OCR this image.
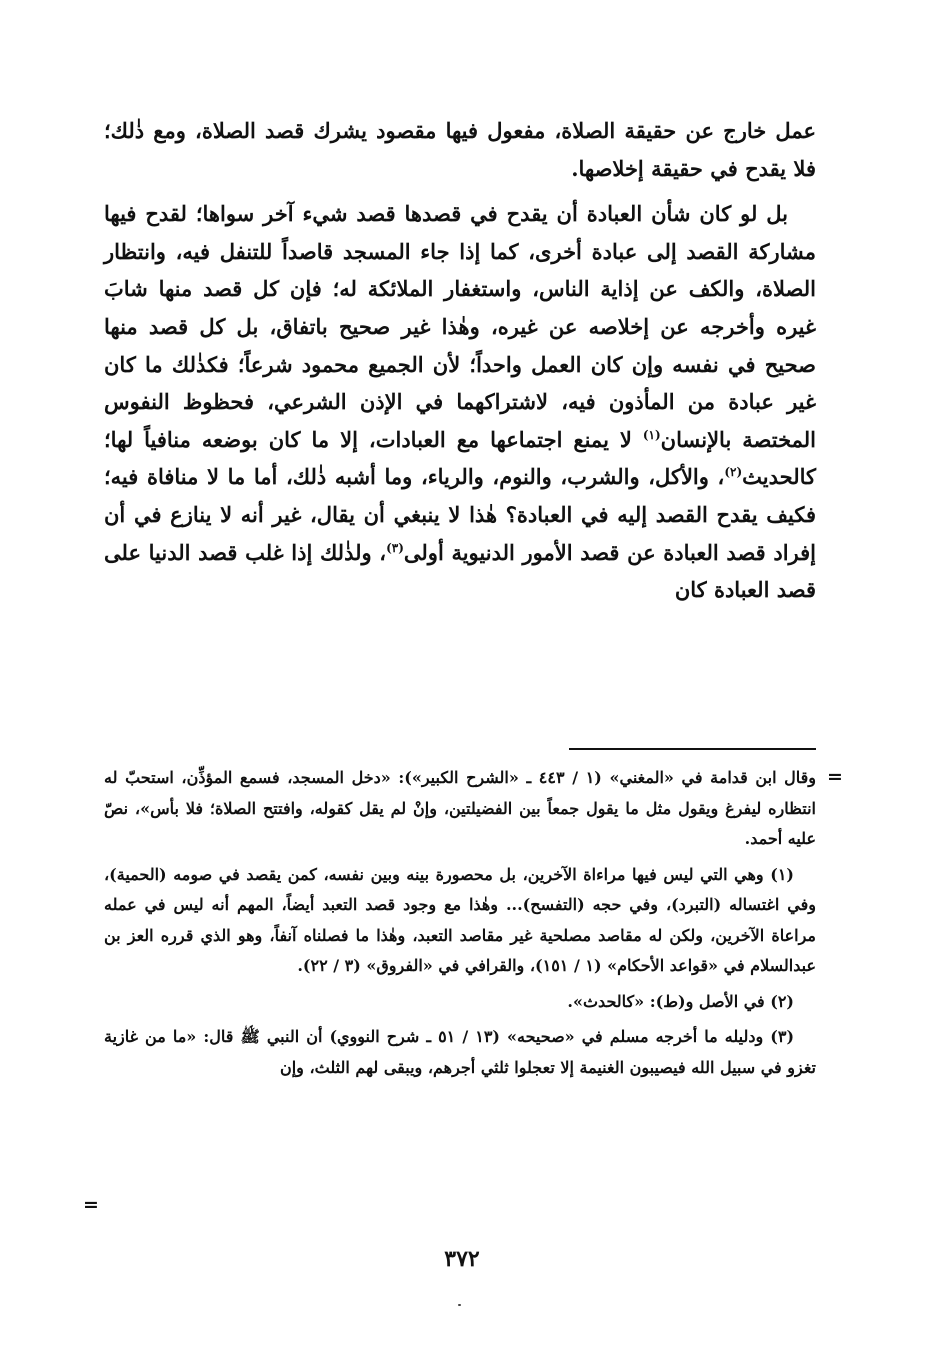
عمل خارج عن حقيقة الصلاة، مفعول فيها مقصود يشرك قصد الصلاة، ومع ذٰلك؛ فلا يقدح في حقيقة إخلاصها.

بل لو كان شأن العبادة أن يقدح في قصدها قصد شيء آخر سواها؛ لقدح فيها مشاركة القصد إلى عبادة أخرى، كما إذا جاء المسجد قاصداً للتنفل فيه، وانتظار الصلاة، والكف عن إذاية الناس، واستغفار الملائكة له؛ فإن كل قصد منها شابَ غيره وأخرجه عن إخلاصه عن غيره، وهٰذا غير صحيح باتفاق، بل كل قصد منها صحيح في نفسه وإن كان العمل واحداً؛ لأن الجميع محمود شرعاً؛ فكذٰلك ما كان غير عبادة من المأذون فيه، لاشتراكهما في الإذن الشرعي، فحظوظ النفوس المختصة بالإنسان$^{(١)}$ لا يمنع اجتماعها مع العبادات، إلا ما كان بوضعه منافياً لها؛ كالحديث$^{(٢)}$، والأكل، والشرب، والنوم، والرياء، وما أشبه ذٰلك، أما ما لا منافاة فيه؛ فكيف يقدح القصد إليه في العبادة؟ هٰذا لا ينبغي أن يقال، غير أنه لا ينازع في أن إفراد قصد العبادة عن قصد الأمور الدنيوية أولى$^{(٣)}$، ولذٰلك إذا غلب قصد الدنيا على قصد العبادة كان

=

وقال ابن قدامة في «المغني» (١ / ٤٤٣ ـ «الشرح الكبير»): «دخل المسجد، فسمع المؤذِّن، استحبّ له انتظاره ليفرغ ويقول مثل ما يقول جمعاً بين الفضيلتين، وإنْ لم يقل كقوله، وافتتح الصلاة؛ فلا بأس»، نصّ عليه أحمد.

(١) وهي التي ليس فيها مراءاة الآخرين، بل محصورة بينه وبين نفسه، كمن يقصد في صومه (الحمية)، وفي اغتساله (التبرد)، وفي حجه (التفسح)... وهٰذا مع وجود قصد التعبد أيضاً، المهم أنه ليس في عمله مراعاة الآخرين، ولكن له مقاصد مصلحية غير مقاصد التعبد، وهٰذا ما فصلناه آنفاً، وهو الذي قرره العز بن عبدالسلام في «قواعد الأحكام» (١ / ١٥١)، والقرافي في «الفروق» (٣ / ٢٢).

(٢) في الأصل و(ط): «كالحدث».

(٣) ودليله ما أخرجه مسلم في «صحيحه» (١٣ / ٥١ ـ شرح النووي) أن النبي ﷺ قال: «ما من غازية تغزو في سبيل الله فيصيبون الغنيمة إلا تعجلوا ثلثي أجرهم، ويبقى لهم الثلث، وإن

=
٣٧٢
